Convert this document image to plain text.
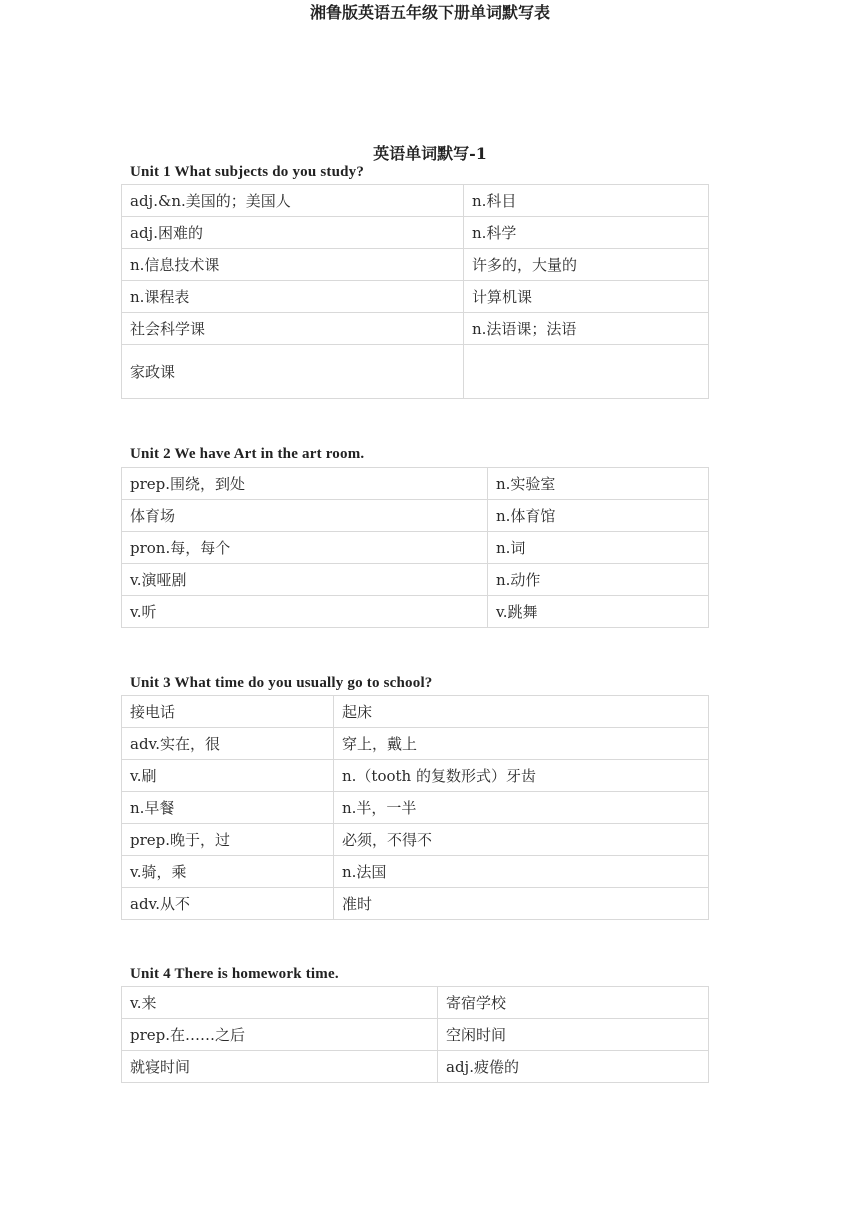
湘鲁版英语五年级下册单词默写表
英语单词默写-1
Unit 1 What subjects do you study?
adj.&n.美国的；美国人	n.科目
adj.困难的	n.科学
n.信息技术课	许多的，大量的
n.课程表	计算机课
社会科学课	n.法语课；法语
家政课	
Unit 2 We have Art in the art room.
prep.围绕，到处	n.实验室
体育场	n.体育馆
pron.每，每个	n.词
v.演哑剧	n.动作
v.听	v.跳舞
Unit 3 What time do you usually go to school?
接电话	起床
adv.实在，很	穿上，戴上
v.刷	n.（tooth 的复数形式）牙齿
n.早餐	n.半，一半
prep.晚于，过	必须，不得不
v.骑，乘	n.法国
adv.从不	准时
Unit 4 There is homework time.
v.来	寄宿学校
prep.在……之后	空闲时间
就寝时间	adj.疲倦的
